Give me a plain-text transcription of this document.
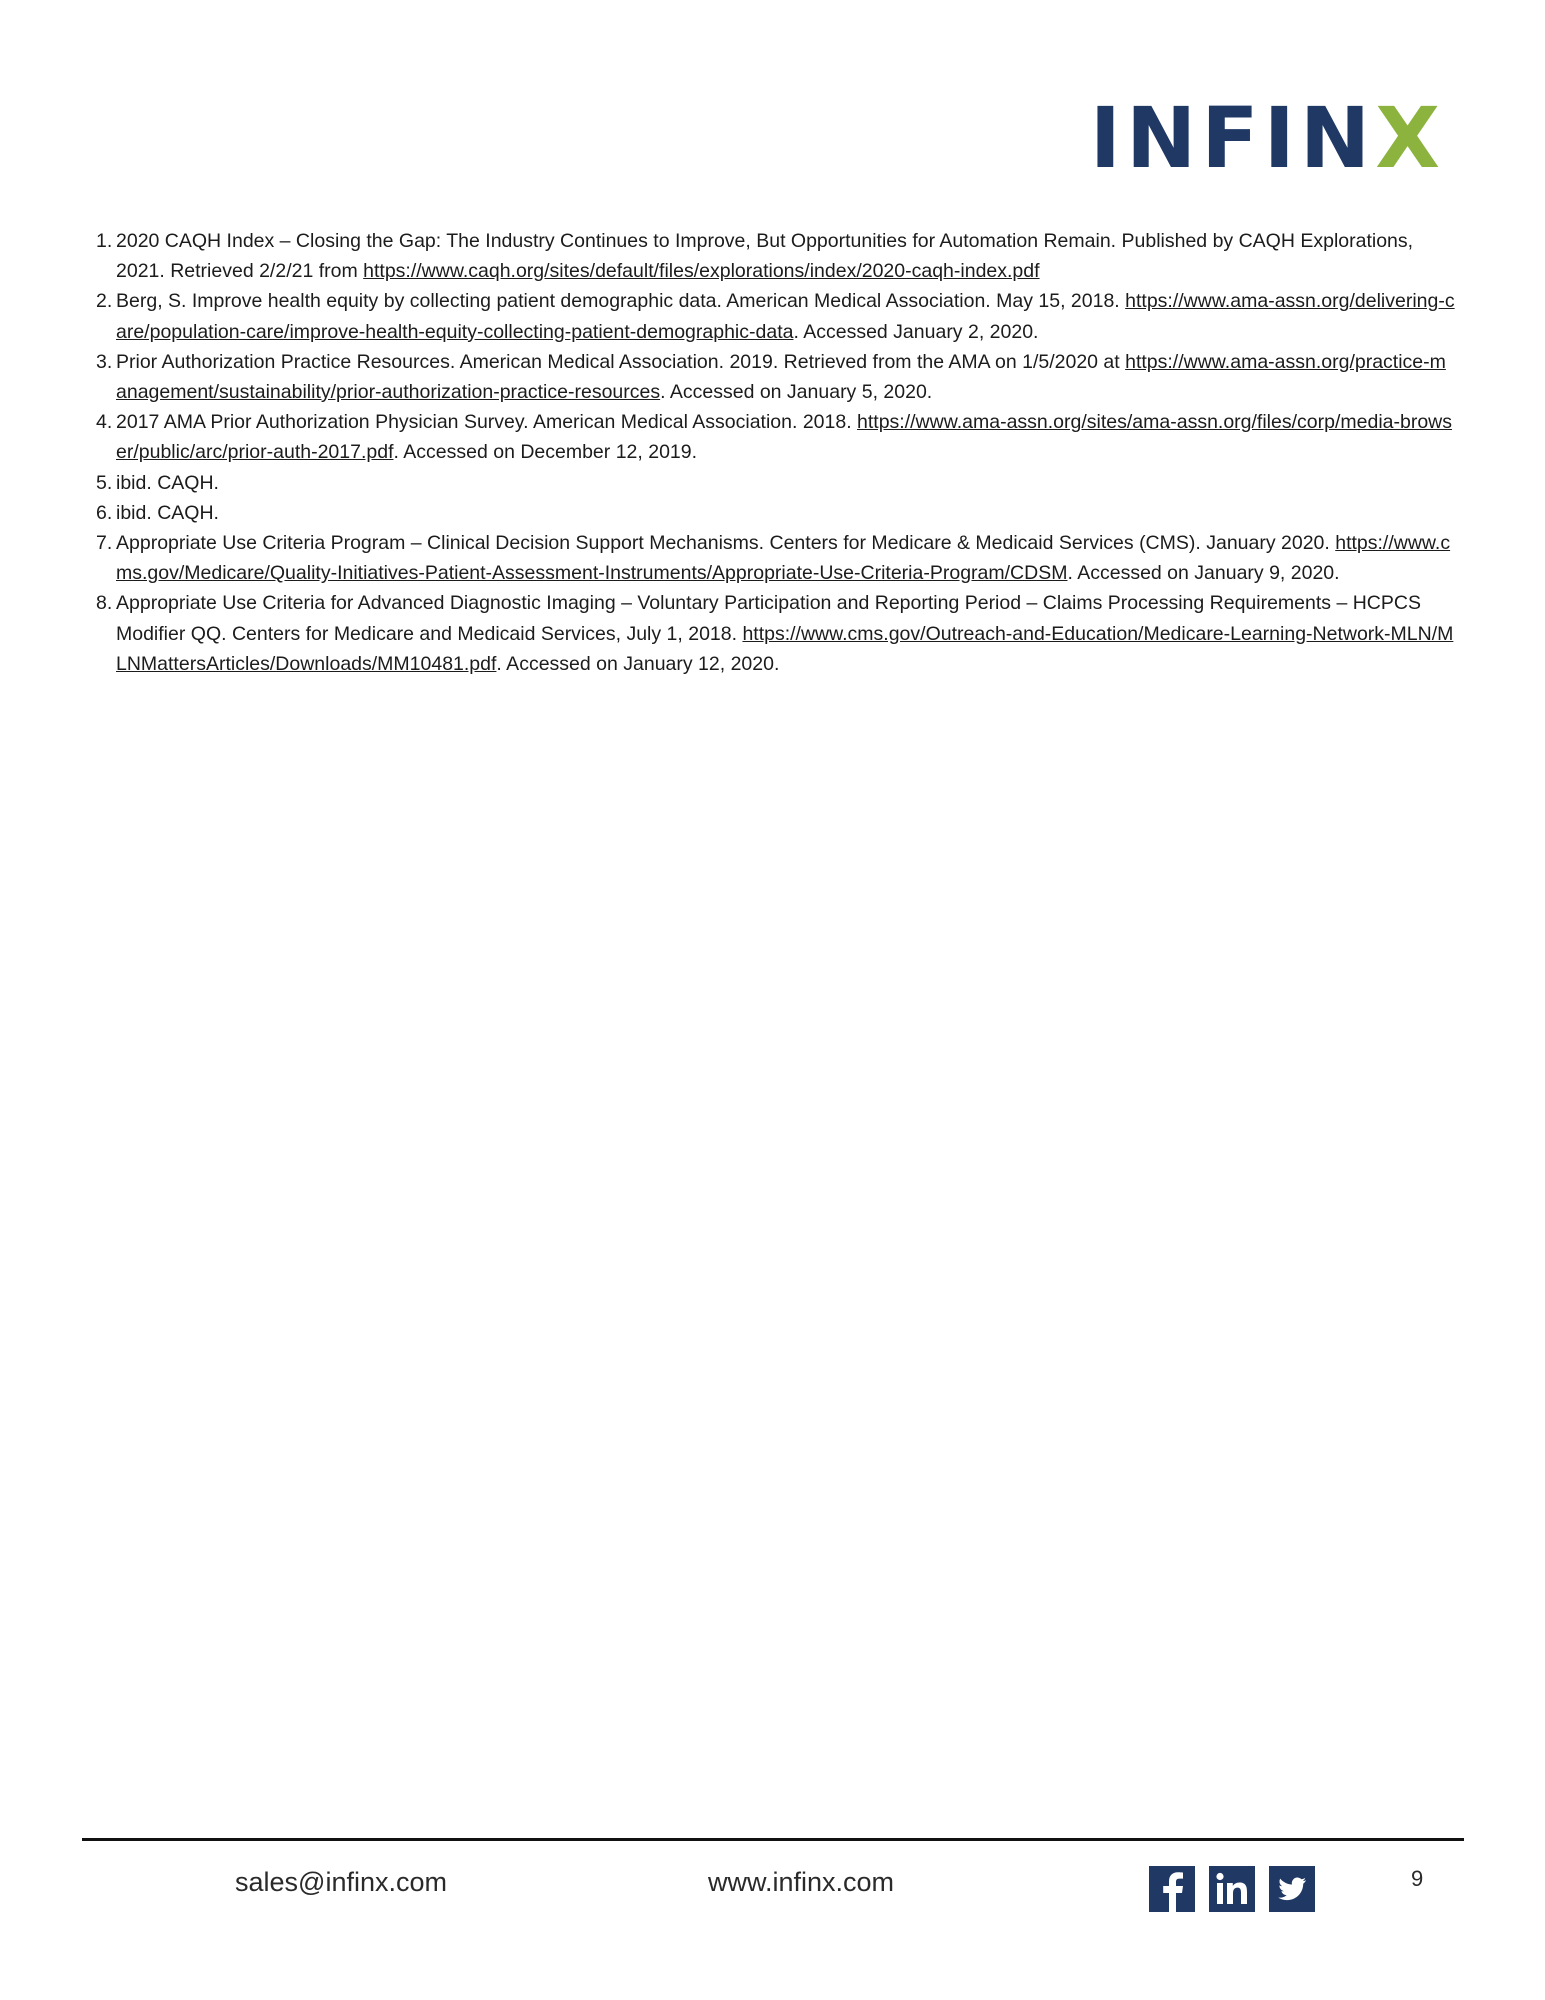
INFINX
1. 2020 CAQH Index – Closing the Gap: The Industry Continues to Improve, But Opportunities for Automation Remain. Published by CAQH Explorations, 2021. Retrieved 2/2/21 from https://www.caqh.org/sites/default/files/explorations/index/2020-caqh-index.pdf
2. Berg, S. Improve health equity by collecting patient demographic data. American Medical Association. May 15, 2018. https://www.ama-assn.org/delivering-care/population-care/improve-health-equity-collecting-patient-demographic-data. Accessed January 2, 2020.
3. Prior Authorization Practice Resources. American Medical Association. 2019. Retrieved from the AMA on 1/5/2020 at https://www.ama-assn.org/practice-management/sustainability/prior-authorization-practice-resources. Accessed on January 5, 2020.
4. 2017 AMA Prior Authorization Physician Survey. American Medical Association. 2018. https://www.ama-assn.org/sites/ama-assn.org/files/corp/media-browser/public/arc/prior-auth-2017.pdf. Accessed on December 12, 2019.
5. ibid. CAQH.
6. ibid. CAQH.
7. Appropriate Use Criteria Program – Clinical Decision Support Mechanisms. Centers for Medicare & Medicaid Services (CMS). January 2020. https://www.cms.gov/Medicare/Quality-Initiatives-Patient-Assessment-Instruments/Appropriate-Use-Criteria-Program/CDSM. Accessed on January 9, 2020.
8. Appropriate Use Criteria for Advanced Diagnostic Imaging – Voluntary Participation and Reporting Period – Claims Processing Requirements – HCPCS Modifier QQ. Centers for Medicare and Medicaid Services, July 1, 2018. https://www.cms.gov/Outreach-and-Education/Medicare-Learning-Network-MLN/MLNMattersArticles/Downloads/MM10481.pdf. Accessed on January 12, 2020.
sales@infinx.com	www.infinx.com	9
